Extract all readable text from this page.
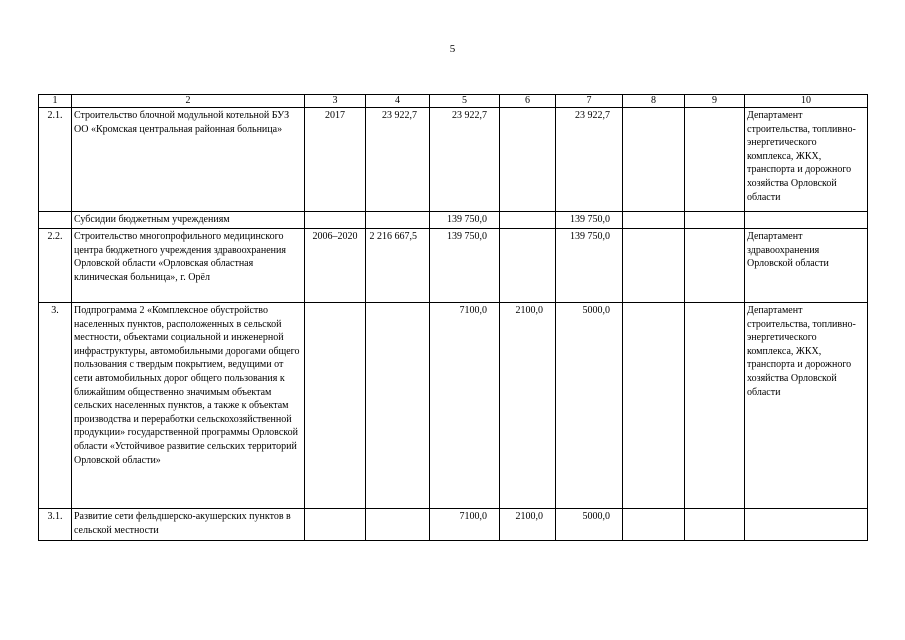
5
1	2	3	4	5	6	7	8	9	10
2.1.	Строительство блочной модульной котельной БУЗ ОО «Кромская центральная районная больница»	2017	23 922,7	23 922,7		23 922,7			Департамент строительства, топливно-энергетического комплекса, ЖКХ, транспорта и дорожного хозяйства Орловской области
	Субсидии бюджетным учреждениям			139 750,0		139 750,0			
2.2.	Строительство многопрофильного медицинского центра бюджетного учреждения здравоохранения Орловской области «Орловская областная клиническая больница», г. Орёл	2006–2020	2 216 667,5	139 750,0		139 750,0			Департамент здравоохранения Орловской области
3.	Подпрограмма 2 «Комплексное обустройство населенных пунктов, расположенных в сельской местности, объектами социальной и инженерной инфраструктуры, автомобильными дорогами общего пользования с твердым покрытием, ведущими от сети автомобильных дорог общего пользования к ближайшим общественно значимым объектам сельских населенных пунктов, а также к объектам производства и переработки сельскохозяйственной продукции» государственной программы Орловской области «Устойчивое развитие сельских территорий Орловской области»			7100,0	2100,0	5000,0			Департамент строительства, топливно-энергетического комплекса, ЖКХ, транспорта и дорожного хозяйства Орловской области
3.1.	Развитие сети фельдшерско-акушерских пунктов в сельской местности			7100,0	2100,0	5000,0			
